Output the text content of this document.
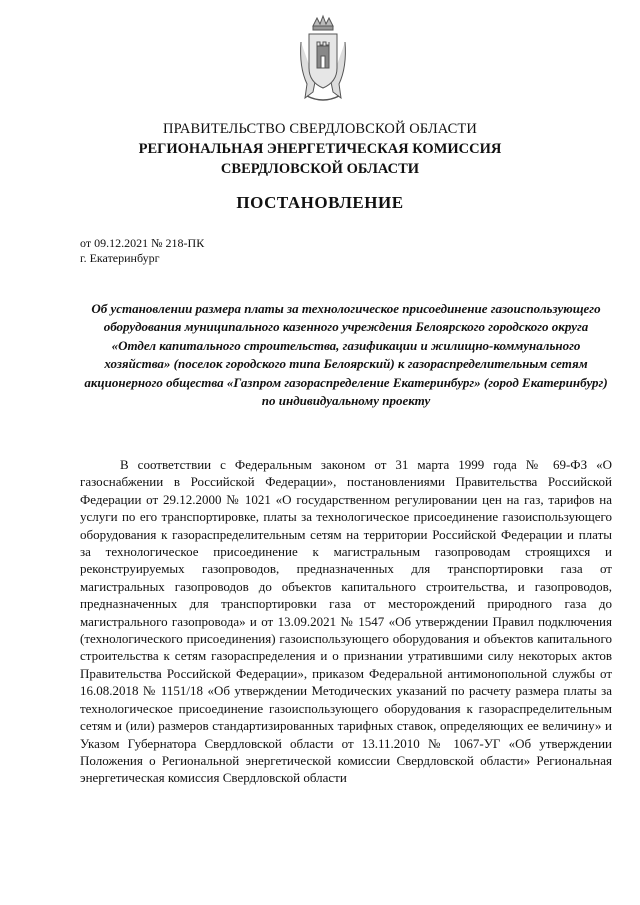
ПРАВИТЕЛЬСТВО СВЕРДЛОВСКОЙ ОБЛАСТИ
РЕГИОНАЛЬНАЯ ЭНЕРГЕТИЧЕСКАЯ КОМИССИЯ
СВЕРДЛОВСКОЙ ОБЛАСТИ
ПОСТАНОВЛЕНИЕ
от 09.12.2021 № 218-ПК
г. Екатеринбург
Об установлении размера платы за технологическое присоединение газоиспользующего оборудования муниципального казенного учреждения Белоярского городского округа «Отдел капитального строительства, газификации и жилищно-коммунального хозяйства» (поселок городского типа Белоярский) к газораспределительным сетям акционерного общества «Газпром газораспределение Екатеринбург» (город Екатеринбург) по индивидуальному проекту
В соответствии с Федеральным законом от 31 марта 1999 года № 69-ФЗ «О газоснабжении в Российской Федерации», постановлениями Правительства Российской Федерации от 29.12.2000 № 1021 «О государственном регулировании цен на газ, тарифов на услуги по его транспортировке, платы за технологическое присоединение газоиспользующего оборудования к газораспределительным сетям на территории Российской Федерации и платы за технологическое присоединение к магистральным газопроводам строящихся и реконструируемых газопроводов, предназначенных для транспортировки газа от магистральных газопроводов до объектов капитального строительства, и газопроводов, предназначенных для транспортировки газа от месторождений природного газа до магистрального газопровода» и от 13.09.2021 № 1547 «Об утверждении Правил подключения (технологического присоединения) газоиспользующего оборудования и объектов капитального строительства к сетям газораспределения и о признании утратившими силу некоторых актов Правительства Российской Федерации», приказом Федеральной антимонопольной службы от 16.08.2018 № 1151/18 «Об утверждении Методических указаний по расчету размера платы за технологическое присоединение газоиспользующего оборудования к газораспределительным сетям и (или) размеров стандартизированных тарифных ставок, определяющих ее величину» и Указом Губернатора Свердловской области от 13.11.2010 № 1067-УГ «Об утверждении Положения о Региональной энергетической комиссии Свердловской области» Региональная энергетическая комиссия Свердловской области
